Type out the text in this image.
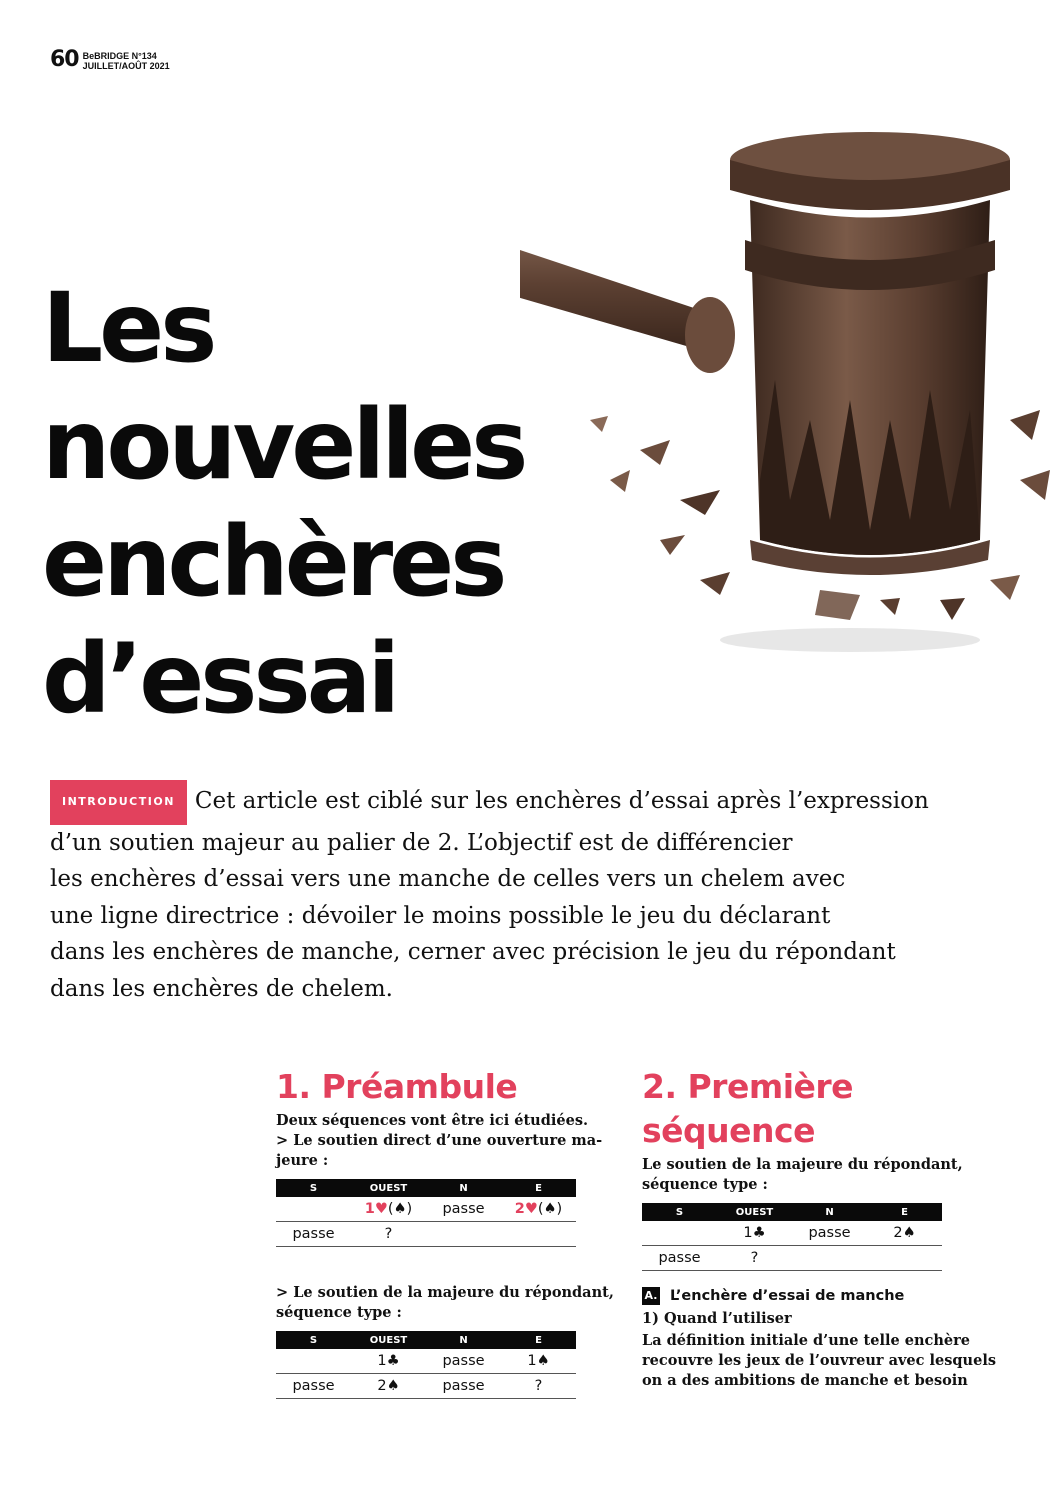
60 BeBRIDGE N°134
JUILLET/AOÛT 2021
Les
nouvelles
enchères
d’essai
INTRODUCTION Cet article est ciblé sur les enchères d’essai après l’expression
d’un soutien majeur au palier de 2. L’objectif est de différencier
les enchères d’essai vers une manche de celles vers un chelem avec
une ligne directrice : dévoiler le moins possible le jeu du déclarant
dans les enchères de manche, cerner avec précision le jeu du répondant
dans les enchères de chelem.
1. Préambule
Deux séquences vont être ici étudiées.
> Le soutien direct d’une ouverture ma-
jeure :
S	OUEST	N	E
	1♥(♠)	passe	2♥(♠)
passe	?		
> Le soutien de la majeure du répondant,
séquence type :
S	OUEST	N	E
	1♣	passe	1♠
passe	2♠	passe	?
2. Première
séquence
Le soutien de la majeure du répondant,
séquence type :
S	OUEST	N	E
	1♣	passe	2♠
passe	?		
A. L’enchère d’essai de manche
1) Quand l’utiliser
La définition initiale d’une telle enchère
recouvre les jeux de l’ouvreur avec lesquels
on a des ambitions de manche et besoin
